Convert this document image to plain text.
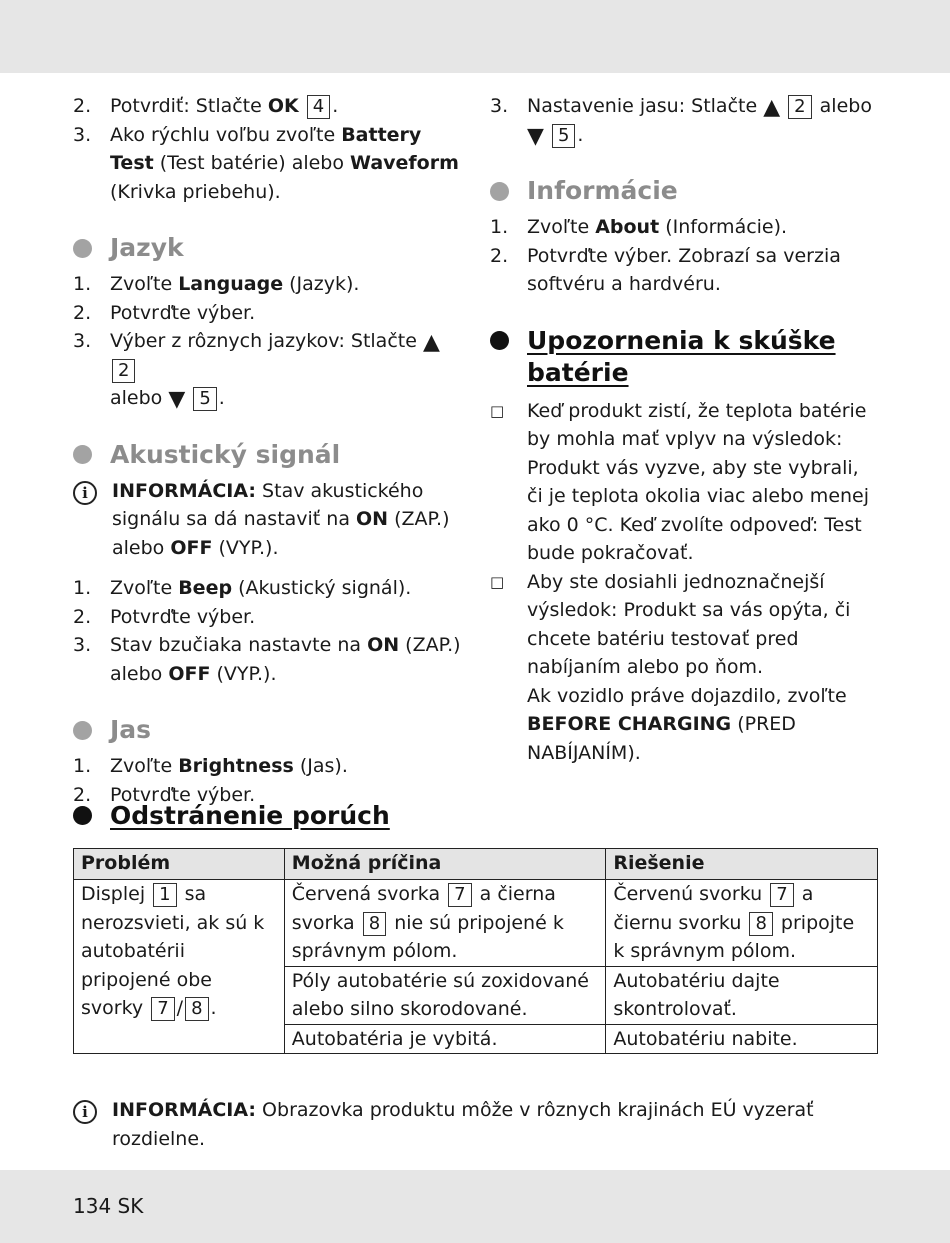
2. Potvrdiť: Stlačte OK 4 .
3. Ako rýchlu voľbu zvoľte Battery Test (Test batérie) alebo Waveform (Krivka priebehu).
Jazyk
1. Zvoľte Language (Jazyk).
2. Potvrďte výber.
3. Výber z rôznych jazykov: Stlačte ▲ 2
alebo ▼ 5 .
Akustický signál
i	INFORMÁCIA: Stav akustického signálu sa dá nastaviť na ON (ZAP.) alebo OFF (VYP.).
1. Zvoľte Beep (Akustický signál).
2. Potvrďte výber.
3. Stav bzučiaka nastavte na ON (ZAP.) alebo OFF (VYP.).
Jas
1. Zvoľte Brightness (Jas).
2. Potvrďte výber.
3. Nastavenie jasu: Stlačte ▲ 2 alebo
▼ 5 .
Informácie
1. Zvoľte About (Informácie).
2. Potvrďte výber. Zobrazí sa verzia softvéru a hardvéru.
Upozornenia k skúške
batérie
□	Keď produkt zistí, že teplota batérie by mohla mať vplyv na výsledok: Produkt vás vyzve, aby ste vybrali, či je teplota okolia viac alebo menej ako 0 °C. Keď zvolíte odpoveď: Test bude pokračovať.
□	Aby ste dosiahli jednoznačnejší výsledok: Produkt sa vás opýta, či chcete batériu testovať pred nabíjaním alebo po ňom.
Ak vozidlo práve dojazdilo, zvoľte BEFORE CHARGING (PRED NABÍJANÍM).
Odstránenie porúch
Problém	Možná príčina	Riešenie
Displej 1 sa nerozsvieti, ak sú k autobatérii pripojené obe svorky 7 / 8 .	Červená svorka 7 a čierna svorka 8 nie sú pripojené k správnym pólom.	Červenú svorku 7 a čiernu svorku 8 pripojte k správnym pólom.
	Póly autobatérie sú zoxidované alebo silno skorodované.	Autobatériu dajte skontrolovať.
	Autobatéria je vybitá.	Autobatériu nabite.
i	INFORMÁCIA: Obrazovka produktu môže v rôznych krajinách EÚ vyzerať rozdielne.
134 SK
